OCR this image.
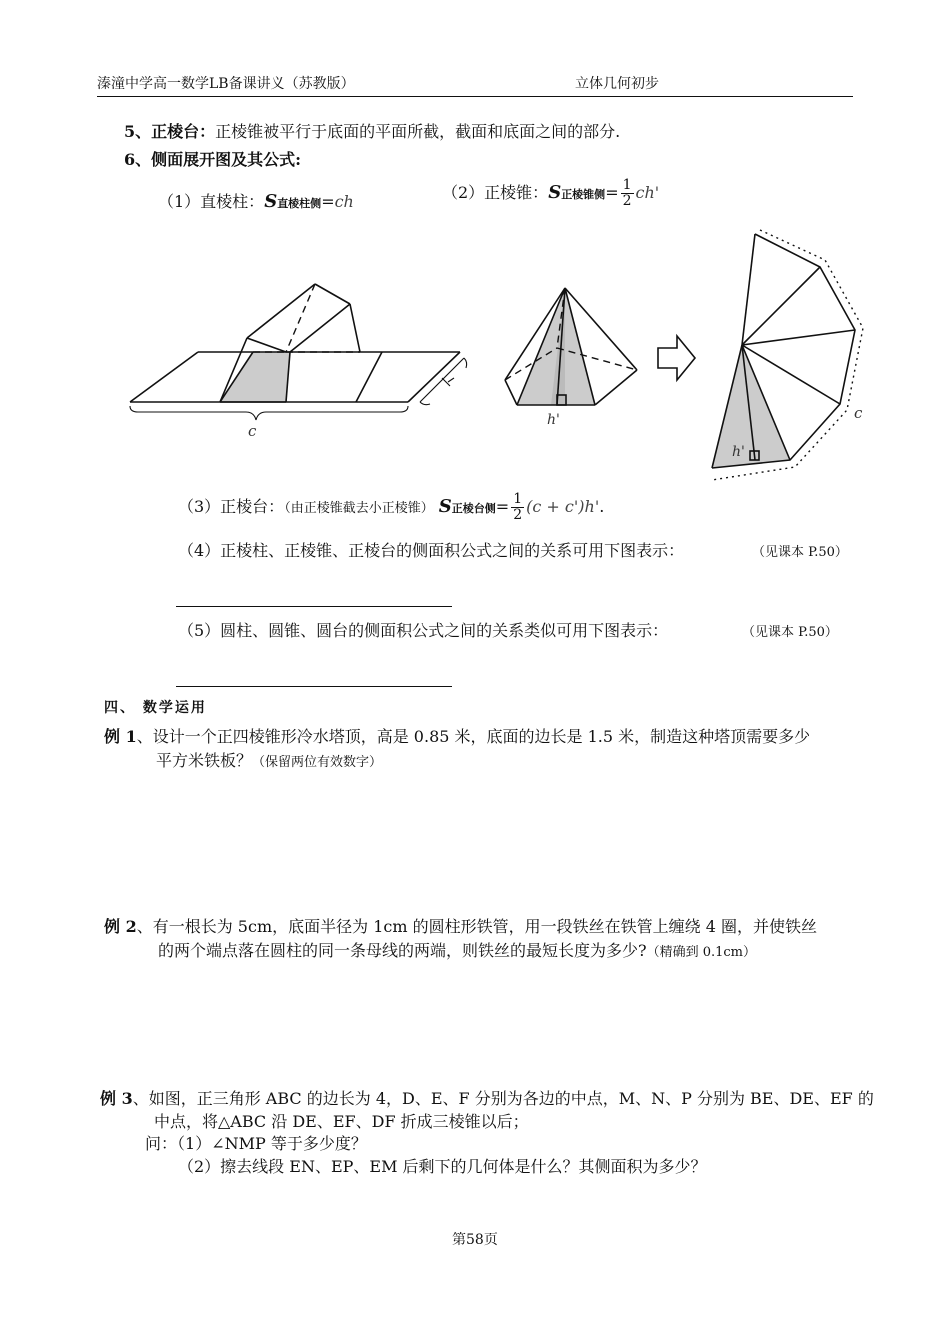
溱潼中学高一数学LB备课讲义（苏教版）	立体几何初步
5、正棱台：正棱锥被平行于底面的平面所截，截面和底面之间的部分.
6、侧面展开图及其公式:
（1）直棱柱：S直棱柱侧=ch	（2）正棱锥：S正棱锥侧= $\frac{1}{2} ch'$
c
h'
h'
c
（3）正棱台：（由正棱锥截去小正棱锥） S正棱台侧= $\frac{1}{2} (c + c')h'$.
（4）正棱柱、正棱锥、正棱台的侧面积公式之间的关系可用下图表示：	（见课本 P.50）
（5）圆柱、圆锥、圆台的侧面积公式之间的关系类似可用下图表示：	（见课本 P.50）
四、 数学运用
例 1、设计一个正四棱锥形冷水塔顶，高是 0.85 米，底面的边长是 1.5 米，制造这种塔顶需要多少
平方米铁板？（保留两位有效数字）
例 2、有一根长为 5cm，底面半径为 1cm 的圆柱形铁管，用一段铁丝在铁管上缠绕 4 圈，并使铁丝
的两个端点落在圆柱的同一条母线的两端，则铁丝的最短长度为多少?（精确到 0.1cm）
例 3、如图，正三角形 ABC 的边长为 4，D、E、F 分别为各边的中点，M、N、P 分别为 BE、DE、EF 的
中点，将△ABC 沿 DE、EF、DF 折成三棱锥以后；
问：（1）∠NMP 等于多少度？
（2）擦去线段 EN、EP、EM 后剩下的几何体是什么？其侧面积为多少？
第58页
